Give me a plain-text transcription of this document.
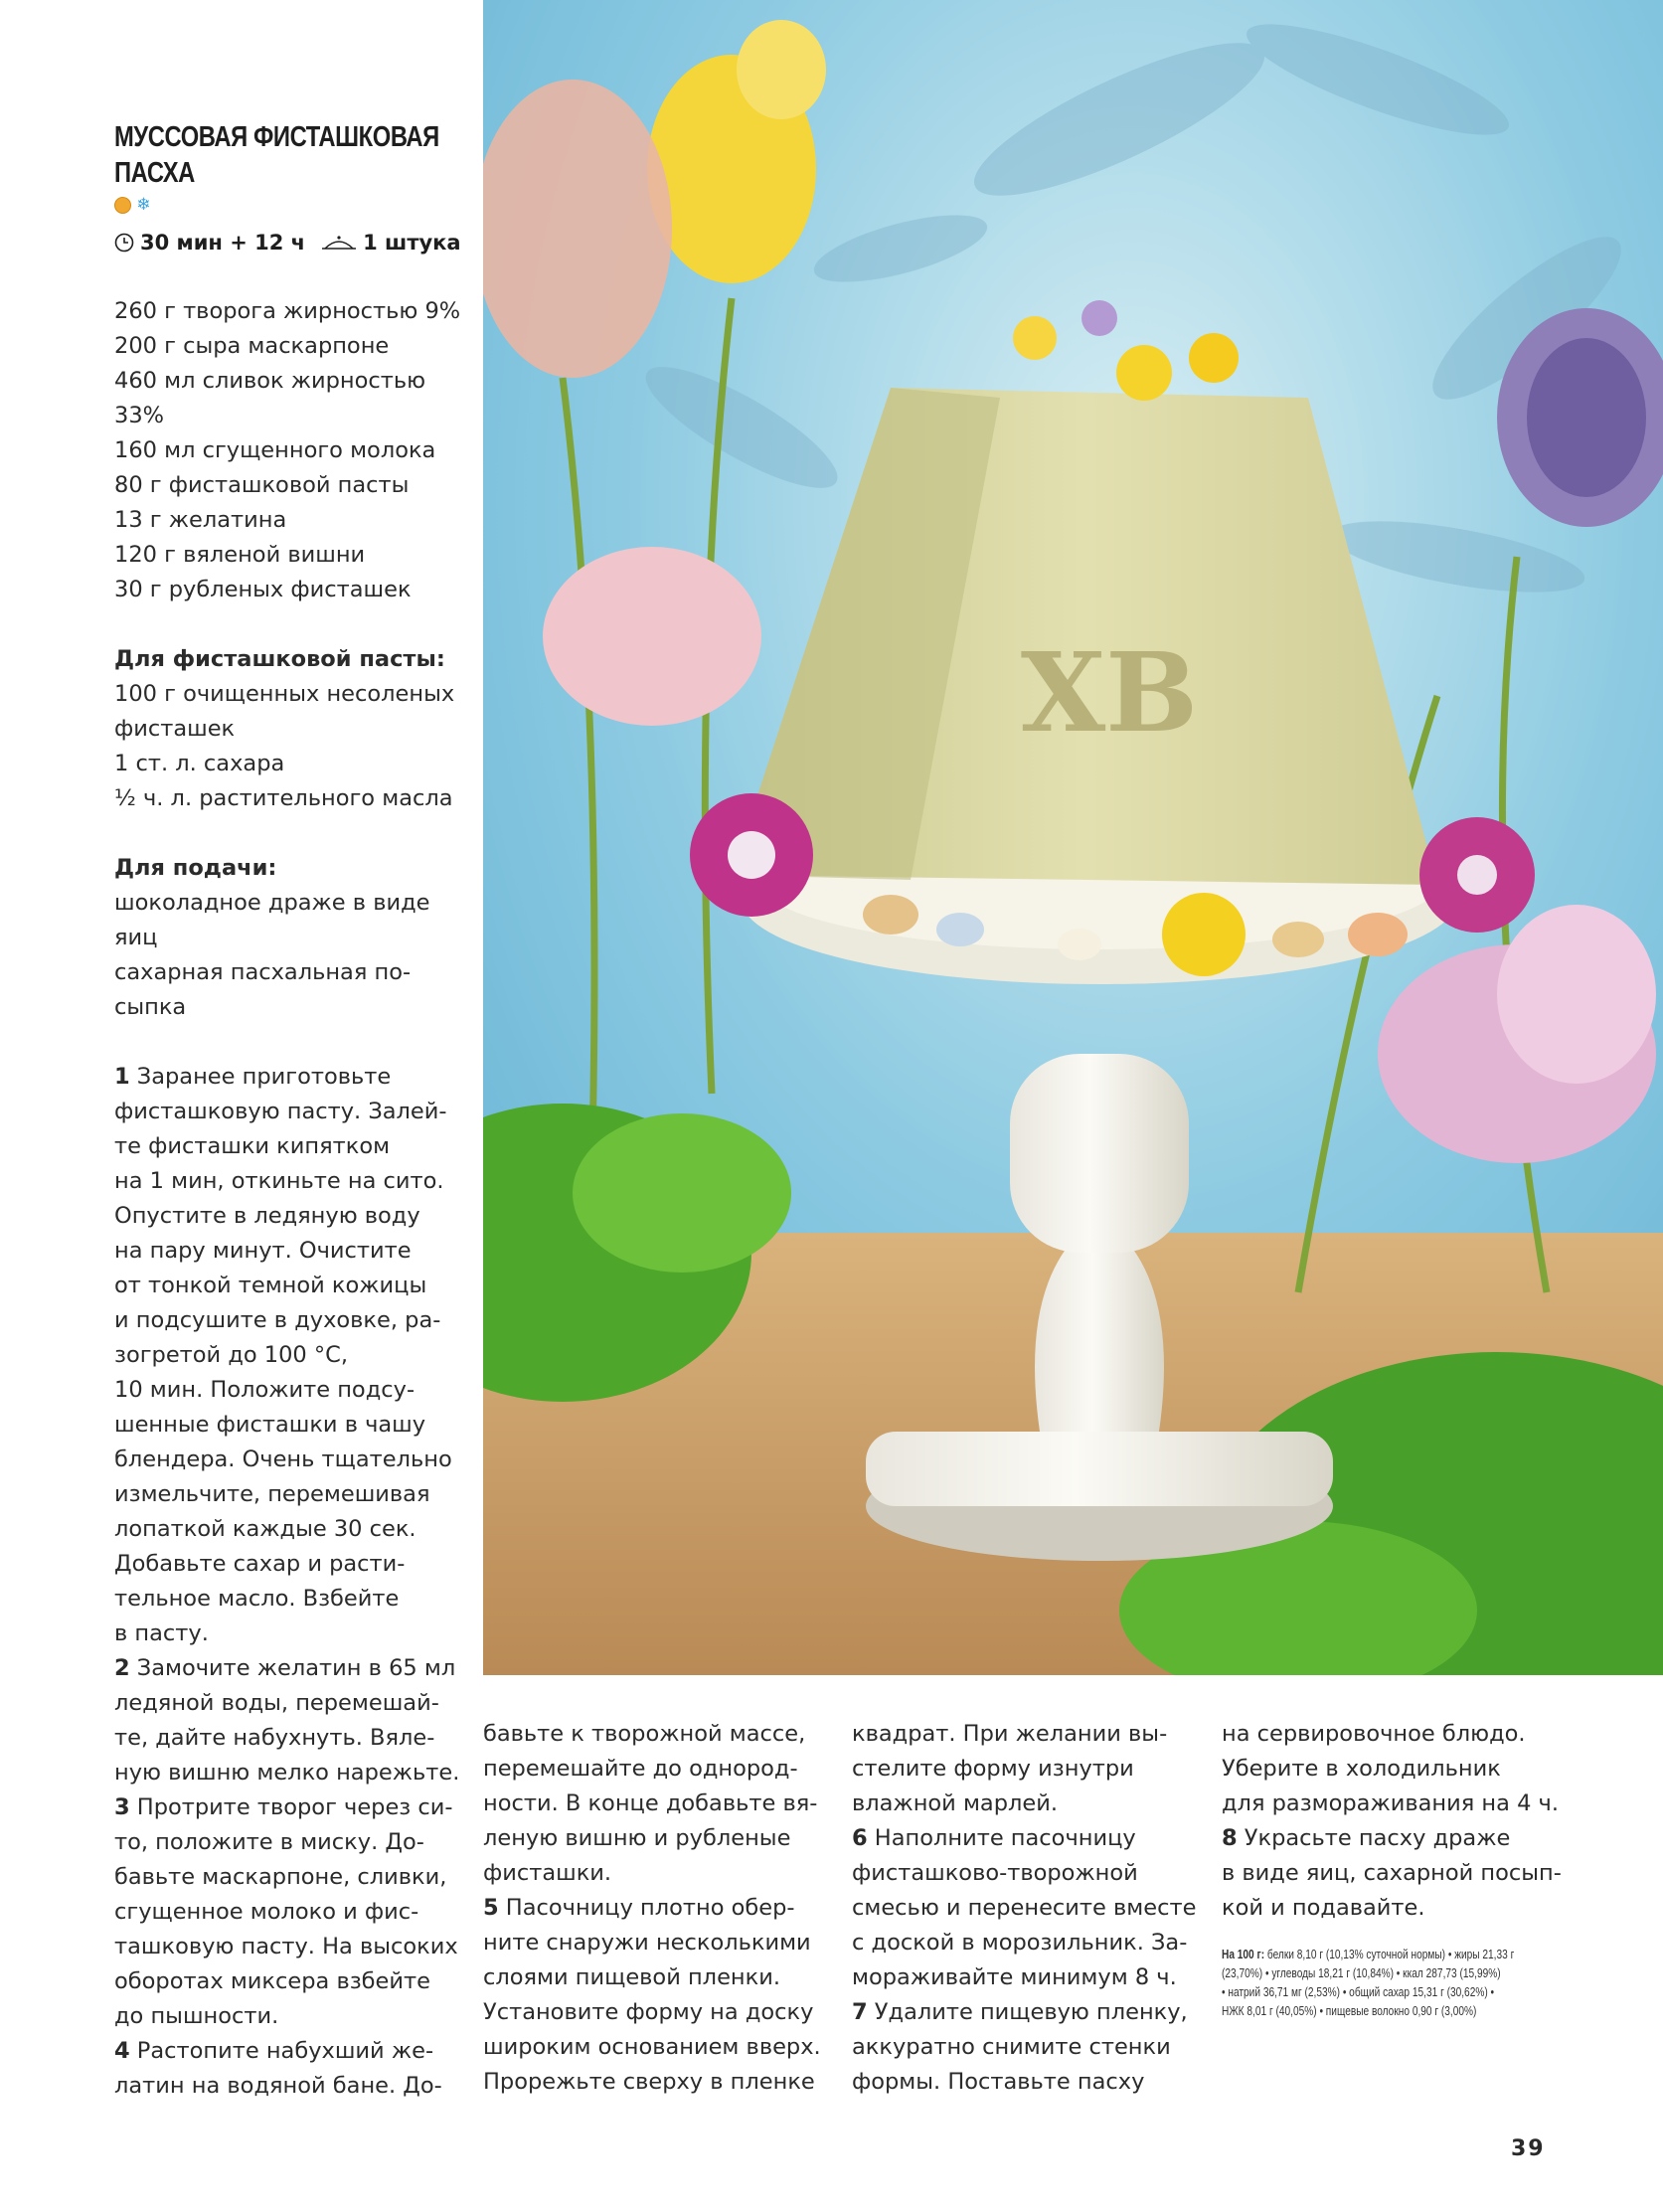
МУССОВАЯ ФИСТАШКОВАЯ
ПАСХА
❄
30 мин + 12 ч	1 штука
260 г творога жирностью 9%
200 г сыра маскарпоне
460 мл сливок жирностью
33%
160 мл сгущенного молока
80 г фисташковой пасты
13 г желатина
120 г вяленой вишни
30 г рубленых фисташек
Для фисташковой пасты:
100 г очищенных несоленых
фисташек
1 ст. л. сахара
½ ч. л. растительного масла
Для подачи:
шоколадное драже в виде
яиц
сахарная пасхальная по-
сыпка
1 Заранее приготовьте
фисташковую пасту. Залей-
те фисташки кипятком
на 1 мин, откиньте на сито.
Опустите в ледяную воду
на пару минут. Очистите
от тонкой темной кожицы
и подсушите в духовке, ра-
зогретой до 100 °С,
10 мин. Положите подсу-
шенные фисташки в чашу
блендера. Очень тщательно
измельчите, перемешивая
лопаткой каждые 30 сек.
Добавьте сахар и расти-
тельное масло. Взбейте
в пасту.
2 Замочите желатин в 65 мл
ледяной воды, перемешай-
те, дайте набухнуть. Вяле-
ную вишню мелко нарежьте.
3 Протрите творог через си-
то, положите в миску. До-
бавьте маскарпоне, сливки,
сгущенное молоко и фис-
ташковую пасту. На высоких
оборотах миксера взбейте
до пышности.
4 Растопите набухший же-
латин на водяной бане. До-
ХВ
бавьте к творожной массе,
перемешайте до однород-
ности. В конце добавьте вя-
леную вишню и рубленые
фисташки.
5 Пасочницу плотно обер-
ните снаружи несколькими
слоями пищевой пленки.
Установите форму на доску
широким основанием вверх.
Прорежьте сверху в пленке
квадрат. При желании вы-
стелите форму изнутри
влажной марлей.
6 Наполните пасочницу
фисташково-творожной
смесью и перенесите вместе
с доской в морозильник. За-
мораживайте минимум 8 ч.
7 Удалите пищевую пленку,
аккуратно снимите стенки
формы. Поставьте пасху
на сервировочное блюдо.
Уберите в холодильник
для размораживания на 4 ч.
8 Украсьте пасху драже
в виде яиц, сахарной посып-
кой и подавайте.
На 100 г: белки 8,10 г (10,13% суточной нормы) • жиры 21,33 г
(23,70%) • углеводы 18,21 г (10,84%) • ккал 287,73 (15,99%)
• натрий 36,71 мг (2,53%) • общий сахар 15,31 г (30,62%) •
НЖК 8,01 г (40,05%) • пищевые волокно 0,90 г (3,00%)
39
